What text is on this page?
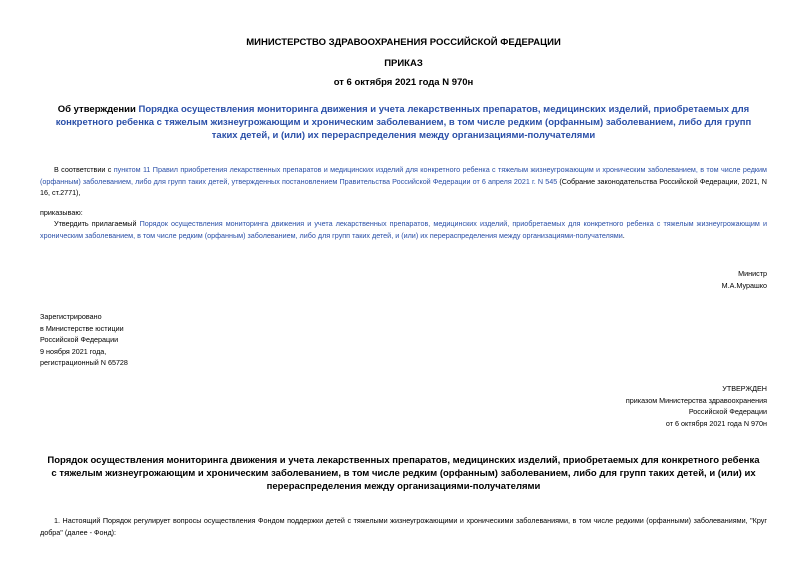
МИНИСТЕРСТВО ЗДРАВООХРАНЕНИЯ РОССИЙСКОЙ ФЕДЕРАЦИИ
ПРИКАЗ
от 6 октября 2021 года N 970н
Об утверждении Порядка осуществления мониторинга движения и учета лекарственных препаратов, медицинских изделий, приобретаемых для конкретного ребенка с тяжелым жизнеугрожающим и хроническим заболеванием, в том числе редким (орфанным) заболеванием, либо для групп таких детей, и (или) их перераспределения между организациями-получателями
В соответствии с пунктом 11 Правил приобретения лекарственных препаратов и медицинских изделий для конкретного ребенка с тяжелым жизнеугрожающим и хроническим заболеванием, в том числе редким (орфанным) заболеванием, либо для групп таких детей, утвержденных постановлением Правительства Российской Федерации от 6 апреля 2021 г. N 545 (Собрание законодательства Российской Федерации, 2021, N 16, ст.2771),
приказываю:
Утвердить прилагаемый Порядок осуществления мониторинга движения и учета лекарственных препаратов, медицинских изделий, приобретаемых для конкретного ребенка с тяжелым жизнеугрожающим и хроническим заболеванием, в том числе редким (орфанным) заболеванием, либо для групп таких детей, и (или) их перераспределения между организациями-получателями.
Министр
М.А.Мурашко
Зарегистрировано
в Министерстве юстиции
Российской Федерации
9 ноября 2021 года,
регистрационный N 65728
УТВЕРЖДЕН
приказом Министерства здравоохранения
Российской Федерации
от 6 октября 2021 года N 970н
Порядок осуществления мониторинга движения и учета лекарственных препаратов, медицинских изделий, приобретаемых для конкретного ребенка с тяжелым жизнеугрожающим и хроническим заболеванием, в том числе редким (орфанным) заболеванием, либо для групп таких детей, и (или) их перераспределения между организациями-получателями
1. Настоящий Порядок регулирует вопросы осуществления Фондом поддержки детей с тяжелыми жизнеугрожающими и хроническими заболеваниями, в том числе редкими (орфанными) заболеваниями, "Круг добра" (далее - Фонд):
